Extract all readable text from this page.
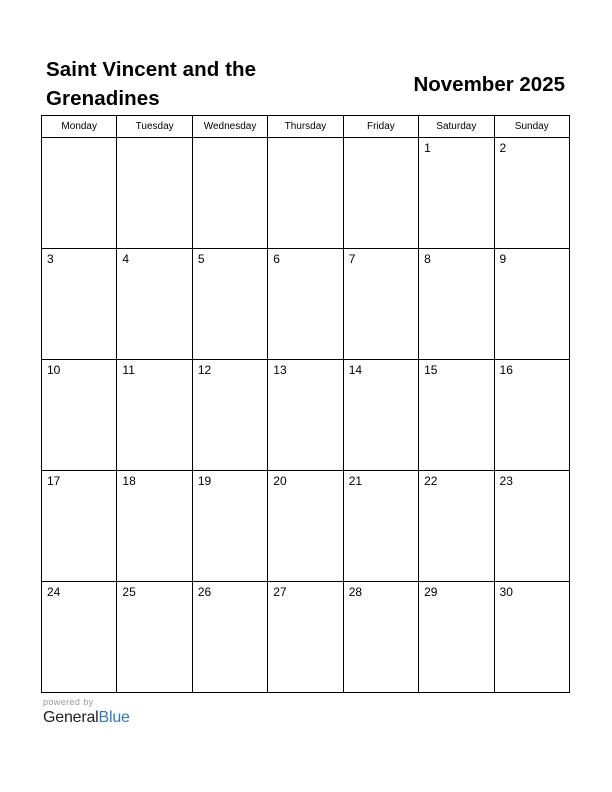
Saint Vincent and the Grenadines
November 2025
Monday	Tuesday	Wednesday	Thursday	Friday	Saturday	Sunday

					1	2

3	4	5	6	7	8	9

10	11	12	13	14	15	16

17	18	19	20	21	22	23

24	25	26	27	28	29	30
powered by
GeneralBlue
